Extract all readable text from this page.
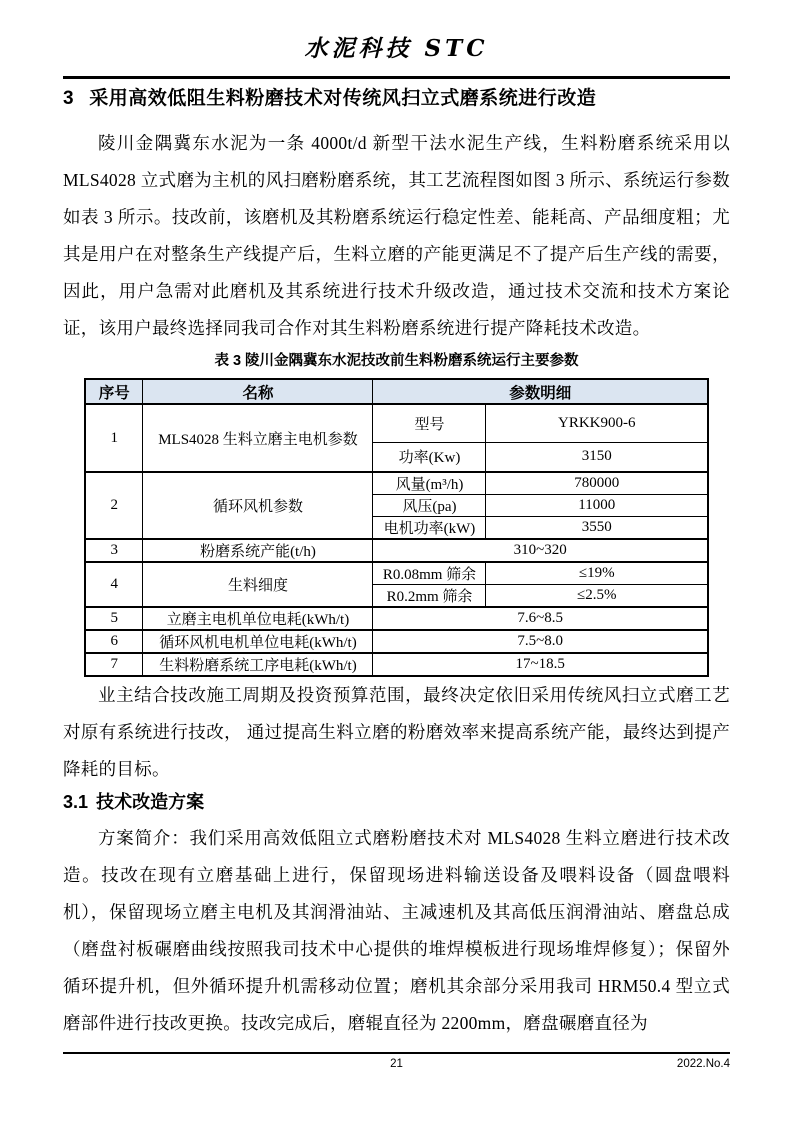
水泥科技 STC
3 采用高效低阻生料粉磨技术对传统风扫立式磨系统进行改造

陵川金隅冀东水泥为一条 4000t/d 新型干法水泥生产线，生料粉磨系统采用以 MLS4028 立式磨为主机的风扫磨粉磨系统，其工艺流程图如图 3 所示、系统运行参数如表 3 所示。技改前，该磨机及其粉磨系统运行稳定性差、能耗高、产品细度粗；尤其是用户在对整条生产线提产后，生料立磨的产能更满足不了提产后生产线的需要，因此，用户急需对此磨机及其系统进行技术升级改造，通过技术交流和技术方案论证，该用户最终选择同我司合作对其生料粉磨系统进行提产降耗技术改造。

表 3 陵川金隅冀东水泥技改前生料粉磨系统运行主要参数
序号	名称	参数明细	
1	MLS4028 生料立磨主电机参数	型号	YRKK900-6
		功率(Kw)	3150
2	循环风机参数	风量(m³/h)	780000
		风压(pa)	11000
		电机功率(kW)	3550
3	粉磨系统产能(t/h)	310~320	
4	生料细度	R0.08mm 筛余	≤19%
		R0.2mm 筛余	≤2.5%
5	立磨主电机单位电耗(kWh/t)	7.6~8.5	
6	循环风机电机单位电耗(kWh/t)	7.5~8.0	
7	生料粉磨系统工序电耗(kWh/t)	17~18.5	

业主结合技改施工周期及投资预算范围，最终决定依旧采用传统风扫立式磨工艺对原有系统进行技改， 通过提高生料立磨的粉磨效率来提高系统产能，最终达到提产降耗的目标。

3.1 技术改造方案

方案简介：我们采用高效低阻立式磨粉磨技术对 MLS4028 生料立磨进行技术改造。技改在现有立磨基础上进行，保留现场进料输送设备及喂料设备（圆盘喂料机），保留现场立磨主电机及其润滑油站、主减速机及其高低压润滑油站、磨盘总成（磨盘衬板碾磨曲线按照我司技术中心提供的堆焊模板进行现场堆焊修复）；保留外循环提升机，但外循环提升机需移动位置；磨机其余部分采用我司 HRM50.4 型立式磨部件进行技改更换。技改完成后，磨辊直径为 2200mm，磨盘碾磨直径为

21	2022.No.4
